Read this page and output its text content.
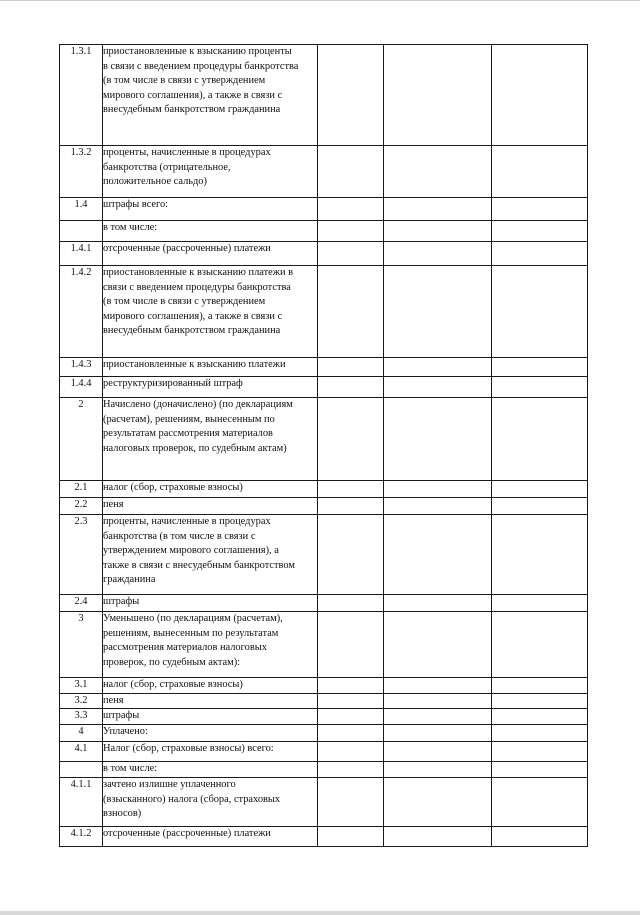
1.3.1	приостановленные к взысканию проценты
в связи с введением процедуры банкротства
(в том числе в связи с утверждением
мирового соглашения), а также в связи с
внесудебным банкротством гражданина			

1.3.2	проценты, начисленные в процедурах
банкротства (отрицательное,
положительное сальдо)			

1.4	штрафы всего:			

	в том числе:			

1.4.1	отсроченные (рассроченные) платежи			

1.4.2	приостановленные к взысканию платежи в
связи с введением процедуры банкротства
(в том числе в связи с утверждением
мирового соглашения), а также в связи с
внесудебным банкротством гражданина			

1.4.3	приостановленные к взысканию платежи			

1.4.4	реструктуризированный штраф			

2	Начислено (доначислено) (по декларациям
(расчетам), решениям, вынесенным по
результатам рассмотрения материалов
налоговых проверок, по судебным актам)			

2.1	налог (сбор, страховые взносы)			

2.2	пеня			

2.3	проценты, начисленные в процедурах
банкротства (в том числе в связи с
утверждением мирового соглашения), а
также в связи с внесудебным банкротством
гражданина			

2.4	штрафы			

3	Уменьшено (по декларациям (расчетам),
решениям, вынесенным по результатам
рассмотрения материалов налоговых
проверок, по судебным актам):			

3.1	налог (сбор, страховые взносы)			

3.2	пеня			

3.3	штрафы			

4	Уплачено:			

4.1	Налог (сбор, страховые взносы) всего:			

	в том числе:			

4.1.1	зачтено излишне уплаченного
(взысканного) налога (сбора, страховых
взносов)			

4.1.2	отсроченные (рассроченные) платежи			
